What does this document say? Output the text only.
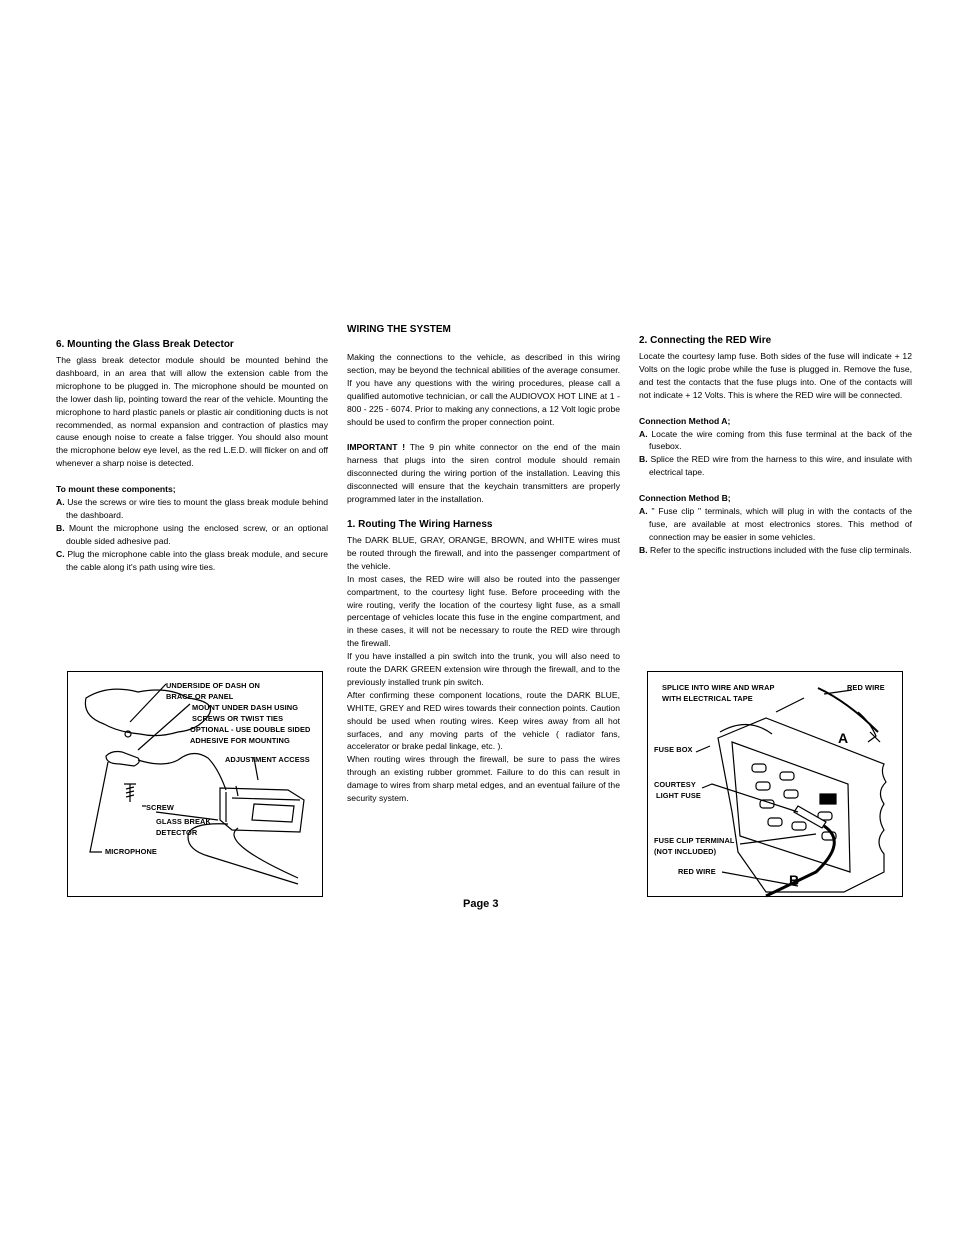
6. Mounting the Glass Break Detector

The glass break detector module should be mounted behind the dashboard, in an area that will allow the extension cable from the microphone to be plugged in. The microphone should be mounted on the lower dash lip, pointing toward the rear of the vehicle. Mounting the microphone to hard plastic panels or plastic air conditioning ducts is not recommended, as normal expansion and contraction of plastics may cause enough noise to create a false trigger. You should also mount the microphone below eye level, as the red L.E.D. will flicker on and off whenever a sharp noise is detected.

To mount these components;

A. Use the screws or wire ties to mount the glass break module behind the dashboard.

B. Mount the microphone using the enclosed screw, or an optional double sided adhesive pad.

C. Plug the microphone cable into the glass break module, and secure the cable along it's path using wire ties.

WIRING THE SYSTEM

Making the connections to the vehicle, as described in this wiring section, may be beyond the technical abilities of the average consumer. If you have any questions with the wiring procedures, please call a qualified automotive technician, or call the AUDIOVOX HOT LINE at 1 - 800 - 225 - 6074. Prior to making any connections, a 12 Volt logic probe should be used to confirm the proper connection point.

IMPORTANT ! The 9 pin white connector on the end of the main harness that plugs into the siren control module should remain disconnected during the wiring portion of the installation. Leaving this disconnected will ensure that the keychain transmitters are properly programmed later in the installation.

1. Routing The Wiring Harness

The DARK BLUE, GRAY, ORANGE, BROWN, and WHITE wires must be routed through the firewall, and into the passenger compartment of the vehicle.

In most cases, the RED wire will also be routed into the passenger compartment, to the courtesy light fuse. Before proceeding with the wire routing, verify the location of the courtesy light fuse, as a small percentage of vehicles locate this fuse in the engine compartment, and in these cases, it will not be necessary to route the RED wire through the firewall.

If you have installed a pin switch into the trunk, you will also need to route the DARK GREEN extension wire through the firewall, and to the previously installed trunk pin switch.

After confirming these component locations, route the DARK BLUE, WHITE, GREY and RED wires towards their connection points. Caution should be used when routing wires. Keep wires away from all hot surfaces, and any moving parts of the vehicle ( radiator fans, accelerator or brake pedal linkage, etc. ).

When routing wires through the firewall, be sure to pass the wires through an existing rubber grommet. Failure to do this can result in damage to wires from sharp metal edges, and an eventual failure of the security system.

2. Connecting the RED Wire

Locate the courtesy lamp fuse. Both sides of the fuse will indicate + 12 Volts on the logic probe while the fuse is plugged in. Remove the fuse, and test the contacts that the fuse plugs into. One of the contacts will not indicate + 12 Volts. This is where the RED wire will be connected.

Connection Method A;

A. Locate the wire coming from this fuse terminal at the back of the fusebox.

B. Splice the RED wire from the harness to this wire, and insulate with electrical tape.

Connection Method B;

A. " Fuse clip " terminals, which will plug in with the contacts of the fuse, are available at most electronics stores. This method of connection may be easier in some vehicles.

B. Refer to the specific instructions included with the fuse clip terminals.

UNDERSIDE OF DASH ON
BRACE OR PANEL
MOUNT UNDER DASH USING
SCREWS OR TWIST TIES
OPTIONAL - USE DOUBLE SIDED
ADHESIVE FOR MOUNTING
ADJUSTMENT ACCESS
SCREW
GLASS BREAK
DETECTOR
MICROPHONE
SPLICE INTO WIRE AND WRAP
WITH ELECTRICAL TAPE
RED WIRE
A
FUSE BOX
COURTESY
LIGHT FUSE
FUSE CLIP TERMINAL
(NOT INCLUDED)
RED WIRE
B
Page 3
